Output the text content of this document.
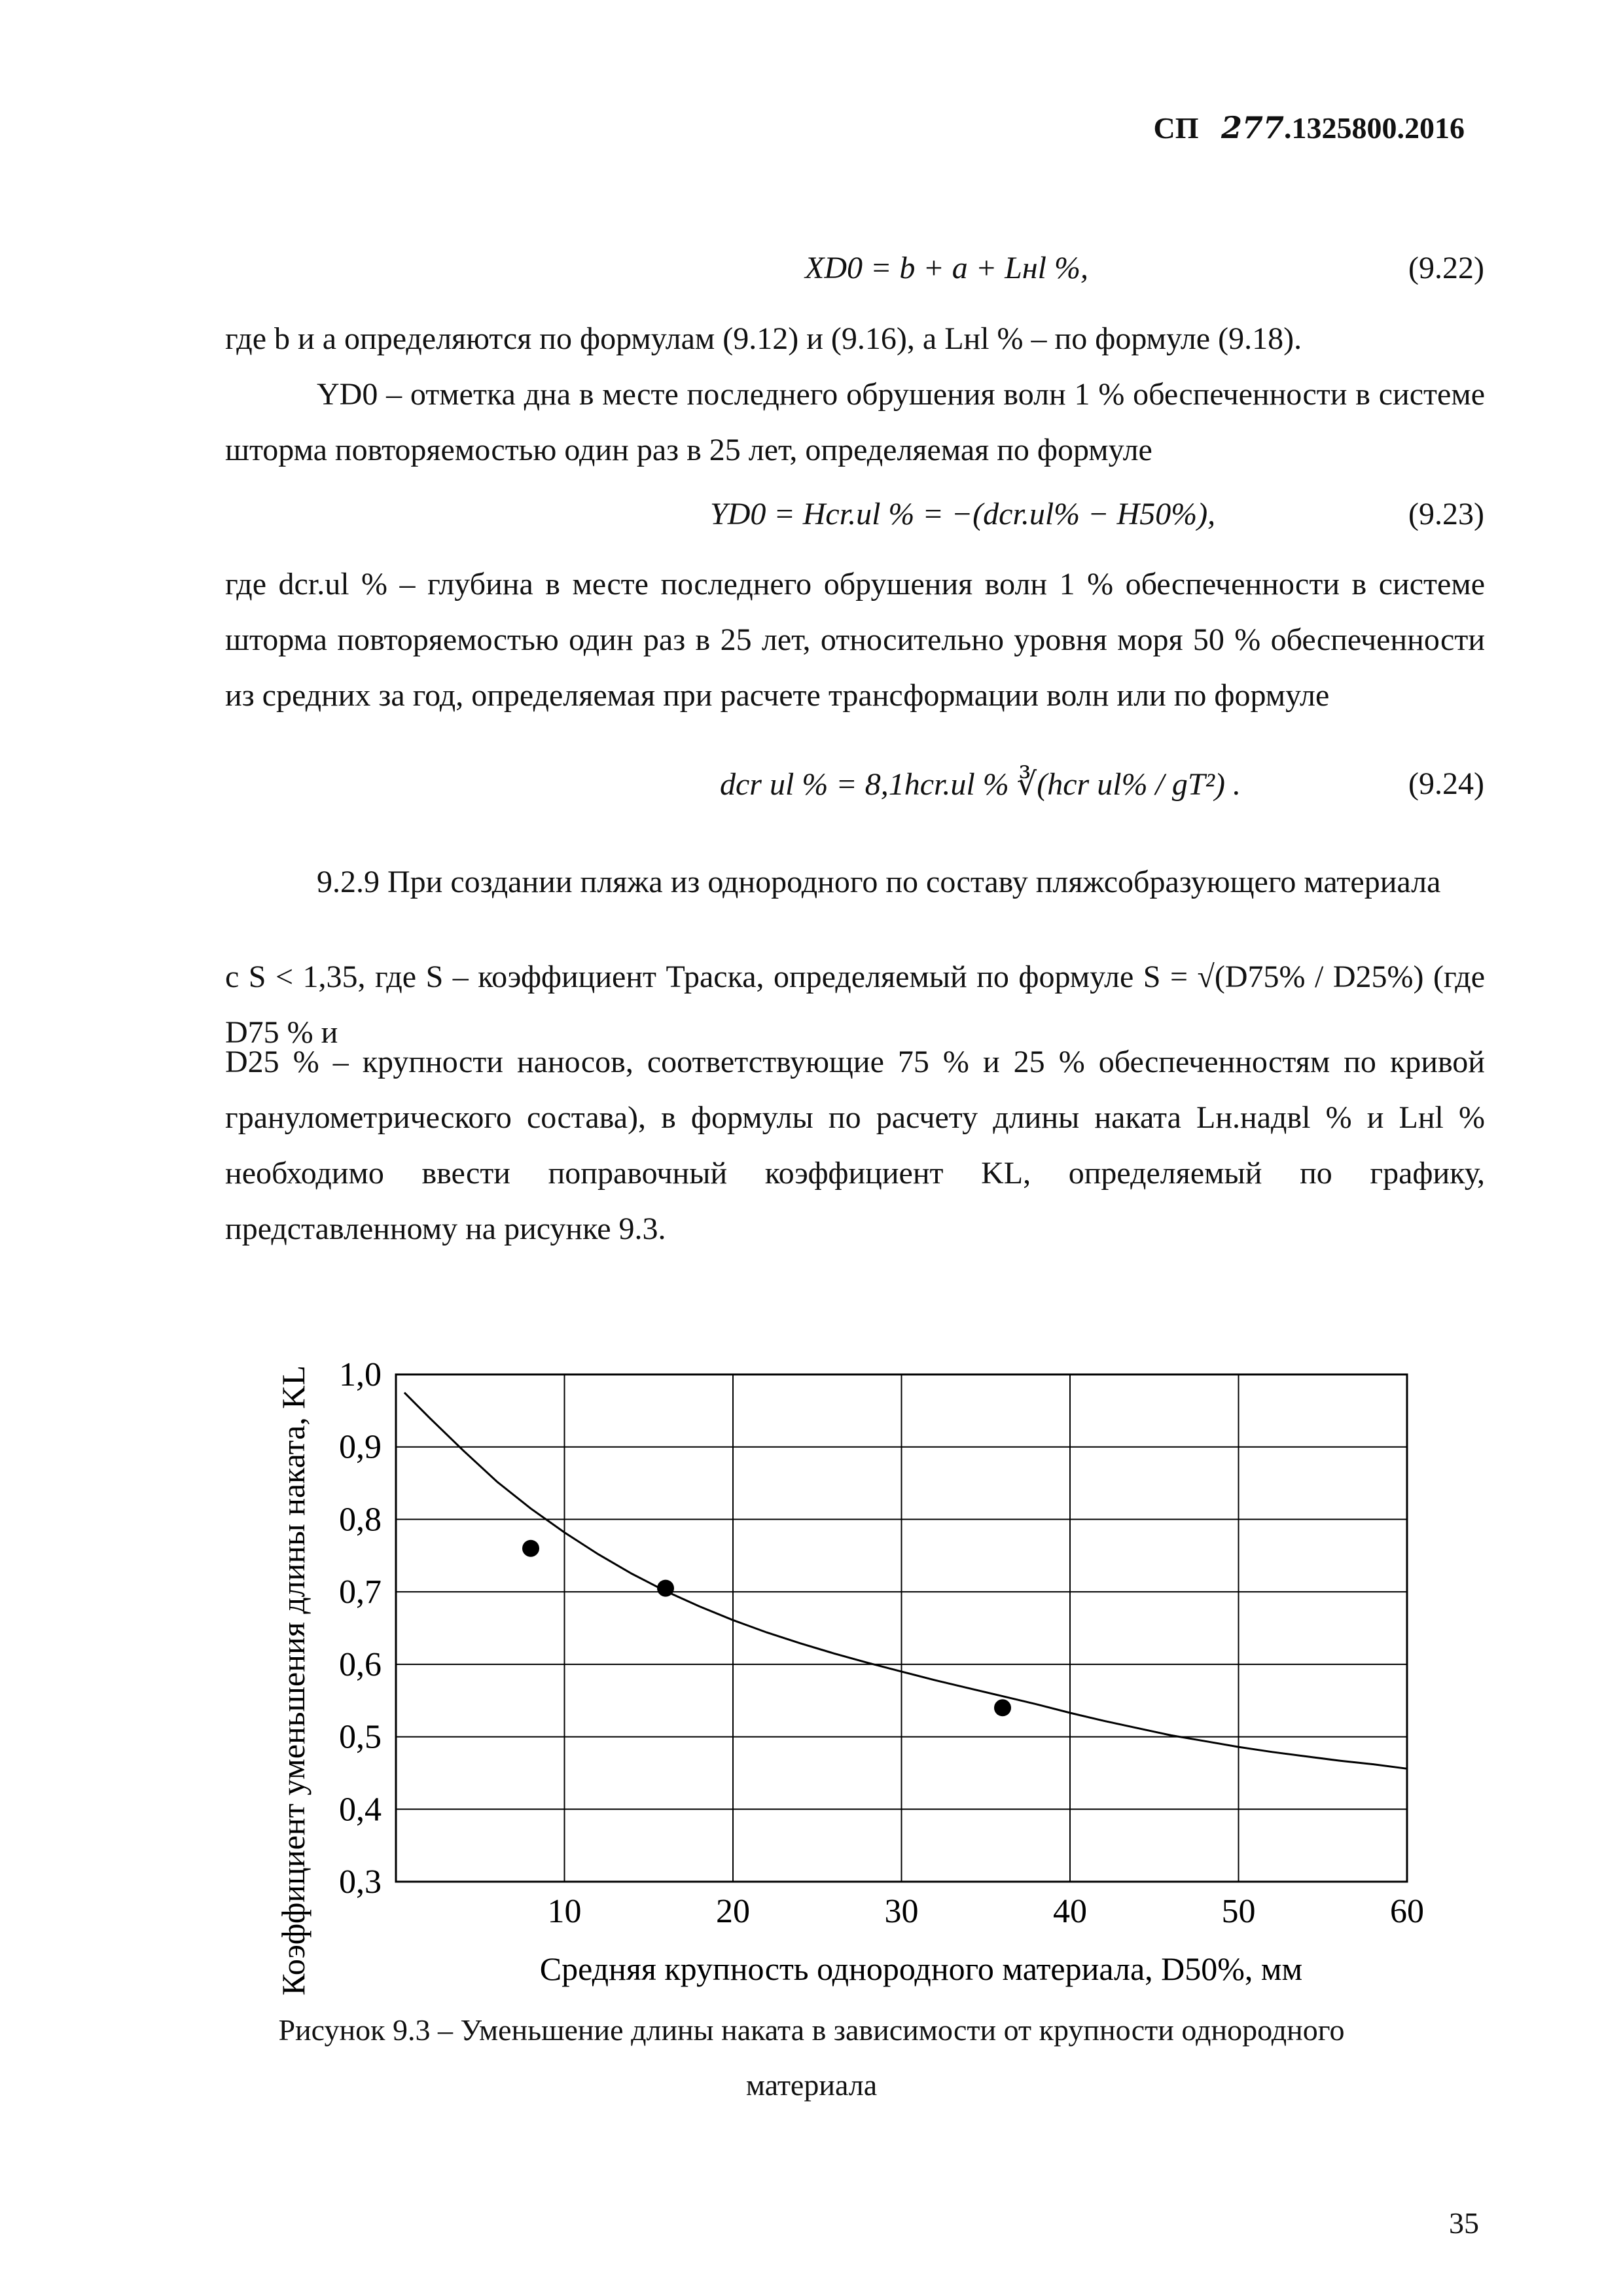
СП 277.1325800.2016
XD0 = b + a + Lнl %,	(9.22)
где b и a определяются по формулам (9.12) и (9.16), а Lнl % – по формуле (9.18).
YD0 – отметка дна в месте последнего обрушения волн 1 % обеспеченности в системе шторма повторяемостью один раз в 25 лет, определяемая по формуле
YD0 = Hcr.ul % = −(dcr.ul% − H50%),	(9.23)
где dcr.ul % – глубина в месте последнего обрушения волн 1 % обеспеченности в системе шторма повторяемостью один раз в 25 лет, относительно уровня моря 50 % обеспеченности из средних за год, определяемая при расчете трансформации волн или по формуле
dcr ul % = 8,1hcr.ul % ∛(hcr ul% / gT²) .	(9.24)
9.2.9 При создании пляжа из однородного по составу пляжсобразующего материала
с S < 1,35, где S – коэффициент Траска, определяемый по формуле S = √(D75% / D25%) (где D75 % и
D25 % – крупности наносов, соответствующие 75 % и 25 % обеспеченностям по кривой гранулометрического состава), в формулы по расчету длины наката Lн.надвl % и Lнl % необходимо ввести поправочный коэффициент KL, определяемый по графику, представленному на рисунке 9.3.
1,0
0,9
0,8
0,7
0,6
0,5
0,4
0,3
10	20	30	40	50	60
Коэффициент уменьшения длины наката, KL	Средняя крупность однородного материала, D50%, мм
Рисунок 9.3 – Уменьшение длины наката в зависимости от крупности однородного
материала
35
